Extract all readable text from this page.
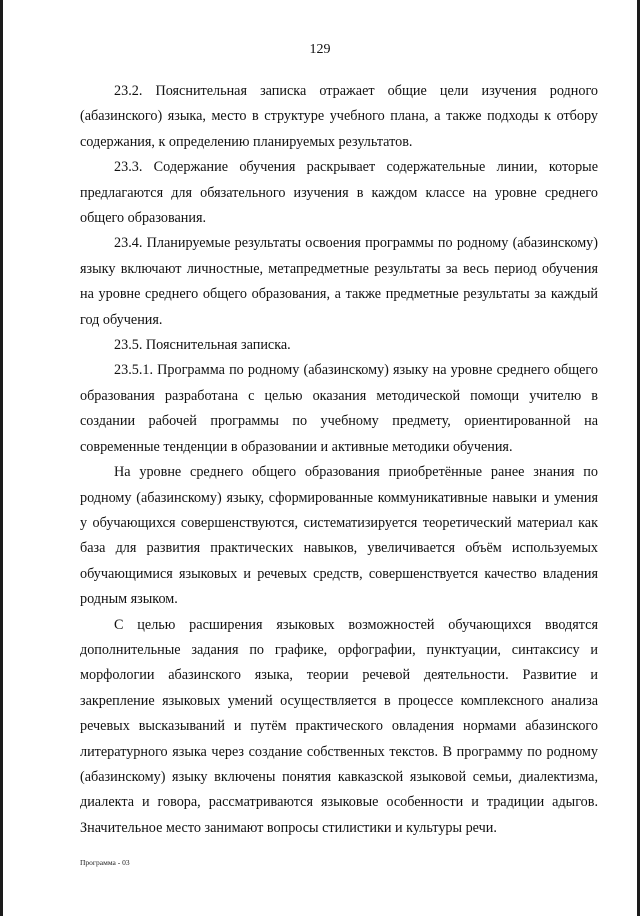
129

23.2. Пояснительная записка отражает общие цели изучения родного (абазинского) языка, место в структуре учебного плана, а также подходы к отбору содержания, к определению планируемых результатов.

23.3. Содержание обучения раскрывает содержательные линии, которые предлагаются для обязательного изучения в каждом классе на уровне среднего общего образования.

23.4. Планируемые результаты освоения программы по родному (абазинскому) языку включают личностные, метапредметные результаты за весь период обучения на уровне среднего общего образования, а также предметные результаты за каждый год обучения.

23.5. Пояснительная записка.

23.5.1. Программа по родному (абазинскому) языку на уровне среднего общего образования разработана с целью оказания методической помощи учителю в создании рабочей программы по учебному предмету, ориентированной на современные тенденции в образовании и активные методики обучения.

На уровне среднего общего образования приобретённые ранее знания по родному (абазинскому) языку, сформированные коммуникативные навыки и умения у обучающихся совершенствуются, систематизируется теоретический материал как база для развития практических навыков, увеличивается объём используемых обучающимися языковых и речевых средств, совершенствуется качество владения родным языком.

С целью расширения языковых возможностей обучающихся вводятся дополнительные задания по графике, орфографии, пунктуации, синтаксису и морфологии абазинского языка, теории речевой деятельности. Развитие и закрепление языковых умений осуществляется в процессе комплексного анализа речевых высказываний и путём практического овладения нормами абазинского литературного языка через создание собственных текстов. В программу по родному (абазинскому) языку включены понятия кавказской языковой семьи, диалектизма, диалекта и говора, рассматриваются языковые особенности и традиции адыгов. Значительное место занимают вопросы стилистики и культуры речи.

Программа - 03
